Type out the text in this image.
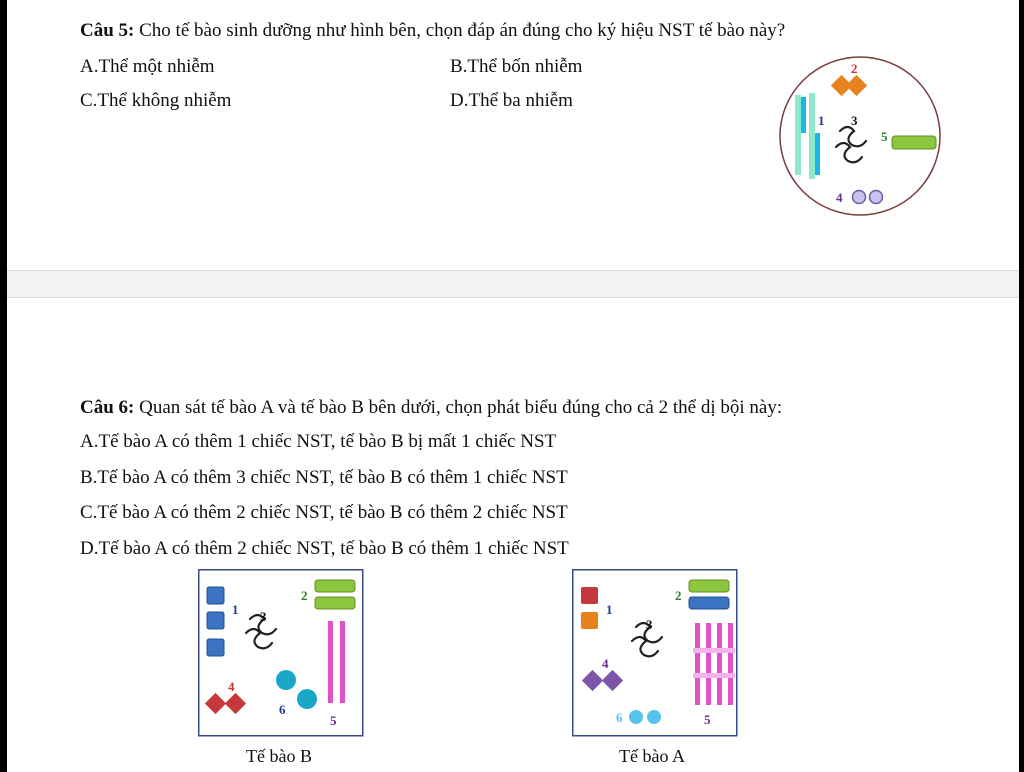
Câu 5: Cho tế bào sinh dưỡng như hình bên, chọn đáp án đúng cho ký hiệu NST tế bào này?
A.Thể một nhiễm	B.Thể bốn nhiễm
C.Thể không nhiễm	D.Thể ba nhiễm
2
1 3
5
4
Câu 6: Quan sát tế bào A và tế bào B bên dưới, chọn phát biểu đúng cho cả 2 thể dị bội này:
A.Tế bào A có thêm 1 chiếc NST, tế bào B bị mất 1 chiếc NST
B.Tế bào A có thêm 3 chiếc NST, tế bào B có thêm 1 chiếc NST
C.Tế bào A có thêm 2 chiếc NST, tế bào B có thêm 2 chiếc NST
D.Tế bào A có thêm 2 chiếc NST, tế bào B có thêm 1 chiếc NST
1
2
3
4
5
6
Tế bào B
1
2
3
4
5
6
Tế bào A
